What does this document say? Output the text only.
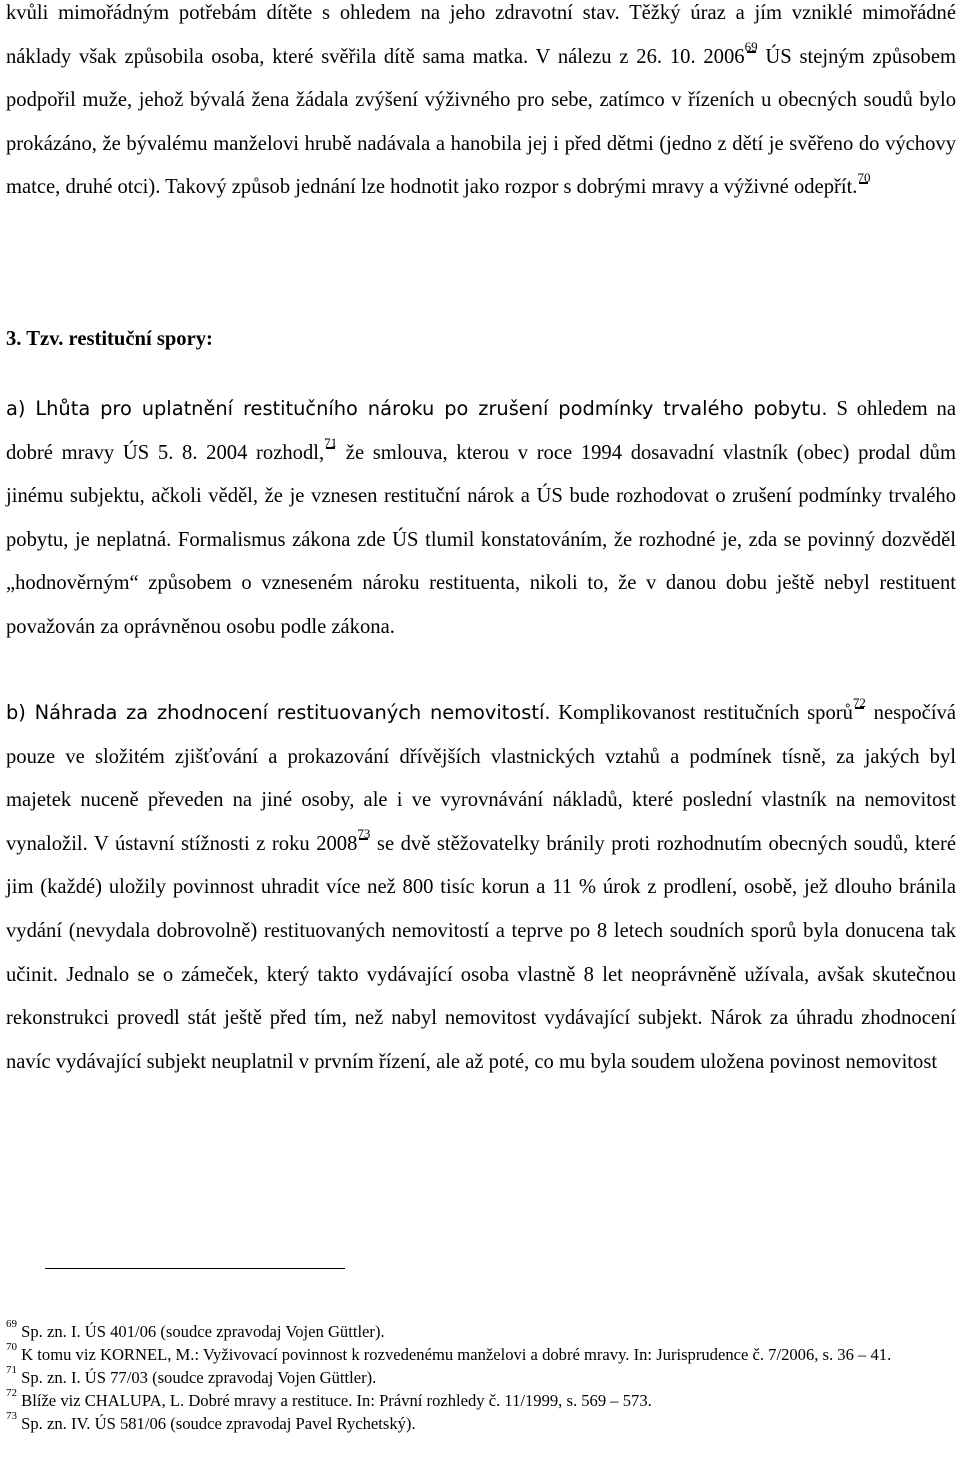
kvůli mimořádným potřebám dítěte s ohledem na jeho zdravotní stav. Těžký úraz a jím vzniklé mimořádné náklady však způsobila osoba, které svěřila dítě sama matka. V nálezu z 26. 10. 2006$^{69}$ ÚS stejným způsobem podpořil muže, jehož bývalá žena žádala zvýšení výživného pro sebe, zatímco v řízeních u obecných soudů bylo prokázáno, že bývalému manželovi hrubě nadávala a hanobila jej i před dětmi (jedno z dětí je svěřeno do výchovy matce, druhé otci). Takový způsob jednání lze hodnotit jako rozpor s dobrými mravy a výživné odepřít.$^{70}$

3. Tzv. restituční spory:

a) Lhůta pro uplatnění restitučního nároku po zrušení podmínky trvalého pobytu. S ohledem na dobré mravy ÚS 5. 8. 2004 rozhodl,$^{71}$ že smlouva, kterou v roce 1994 dosavadní vlastník (obec) prodal dům jinému subjektu, ačkoli věděl, že je vznesen restituční nárok a ÚS bude rozhodovat o zrušení podmínky trvalého pobytu, je neplatná. Formalismus zákona zde ÚS tlumil konstatováním, že rozhodné je, zda se povinný dozvěděl „hodnověrným“ způsobem o vzneseném nároku restituenta, nikoli to, že v danou dobu ještě nebyl restituent považován za oprávněnou osobu podle zákona.

b) Náhrada za zhodnocení restituovaných nemovitostí. Komplikovanost restitučních sporů$^{72}$ nespočívá pouze ve složitém zjišťování a prokazování dřívějších vlastnických vztahů a podmínek tísně, za jakých byl majetek nuceně převeden na jiné osoby, ale i ve vyrovnávání nákladů, které poslední vlastník na nemovitost vynaložil. V ústavní stížnosti z roku 2008$^{73}$ se dvě stěžovatelky bránily proti rozhodnutím obecných soudů, které jim (každé) uložily povinnost uhradit více než 800 tisíc korun a 11 % úrok z prodlení, osobě, jež dlouho bránila vydání (nevydala dobrovolně) restituovaných nemovitostí a teprve po 8 letech soudních sporů byla donucena tak učinit. Jednalo se o zámeček, který takto vydávající osoba vlastně 8 let neoprávněně užívala, avšak skutečnou rekonstrukci provedl stát ještě před tím, než nabyl nemovitost vydávající subjekt. Nárok za úhradu zhodnocení navíc vydávající subjekt neuplatnil v prvním řízení, ale až poté, co mu byla soudem uložena povinost nemovitost

$^{69}$ Sp. zn. I. ÚS 401/06 (soudce zpravodaj Vojen Güttler).

$^{70}$ K tomu viz KORNEL, M.: Vyživovací povinnost k rozvedenému manželovi a dobré mravy. In: Jurisprudence č. 7/2006, s. 36 – 41.

$^{71}$ Sp. zn. I. ÚS 77/03 (soudce zpravodaj Vojen Güttler).

$^{72}$ Blíže viz CHALUPA, L. Dobré mravy a restituce. In: Právní rozhledy č. 11/1999, s. 569 – 573.

$^{73}$ Sp. zn. IV. ÚS 581/06 (soudce zpravodaj Pavel Rychetský).
